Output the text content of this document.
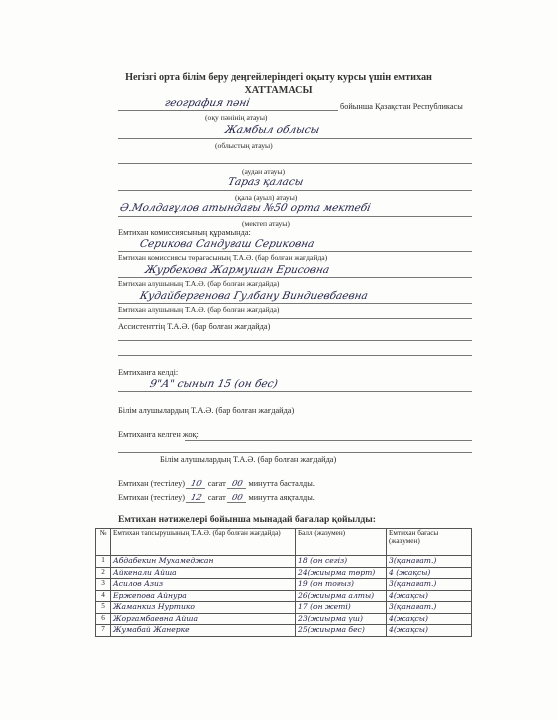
Негізгі орта білім беру деңгейлеріндегі оқыту курсы үшін емтихан
ХАТТАМАСЫ
география пәні	бойынша Қазақстан Республикасы
(оқу пәнінің атауы)
Жамбыл облысы
(облыстың атауы)
(аудан атауы)
Тараз қаласы
(қала (ауыл) атауы)
Ә.Молдағұлов атындағы №50 орта мектебі
(мектеп атауы)
Емтихан комиссиясының құрамында:
Серикова Сандуғаш Сериковна
Емтихан комиссиясы төрағасының Т.А.Ә. (бар болған жағдайда)
Журбекова Жармушан Ерисовна
Емтихан алушының Т.А.Ә. (бар болған жағдайда)
Кудайбергенова Гулбану Виндиевбаевна
Емтихан алушының Т.А.Ә. (бар болған жағдайда)
Ассистенттің Т.А.Ә. (бар болған жағдайда)
Емтиханға келді:
9"А" сынып 15 (он бес)
Білім алушылардың Т.А.Ә. (бар болған жағдайда)
Емтиханға келген жоқ:
Білім алушылардың Т.А.Ә. (бар болған жағдайда)
Емтихан (тестілеу) 10 сағат 00 минутта басталды.
Емтихан (тестілеу) 12 сағат 00 минутта аяқталды.
Емтихан нәтижелері бойынша мынадай бағалар қойылды:
№	Емтихан тапсырушының Т.А.Ә. (бар болған жағдайда)	Балл (жазумен)	Емтихан бағасы (жазумен)
1	Абдабекин Мухамеджан	18 (он сегіз)	3(қанағат.)
2	Айкенали Айша	24(жиырма төрт)	4 (жақсы)
3	Асилов Азиз	19 (он тоғыз)	3(қанағат.)
4	Ержепова Айнура	26(жиырма алты)	4(жақсы)
5	Жаманкиз Нуртико	17 (он жеті)	3(қанағат.)
6	Жоргамбаевна Айша	23(жиырма үш)	4(жақсы)
7	Жумабай Жанерке	25(жиырма бес)	4(жақсы)
